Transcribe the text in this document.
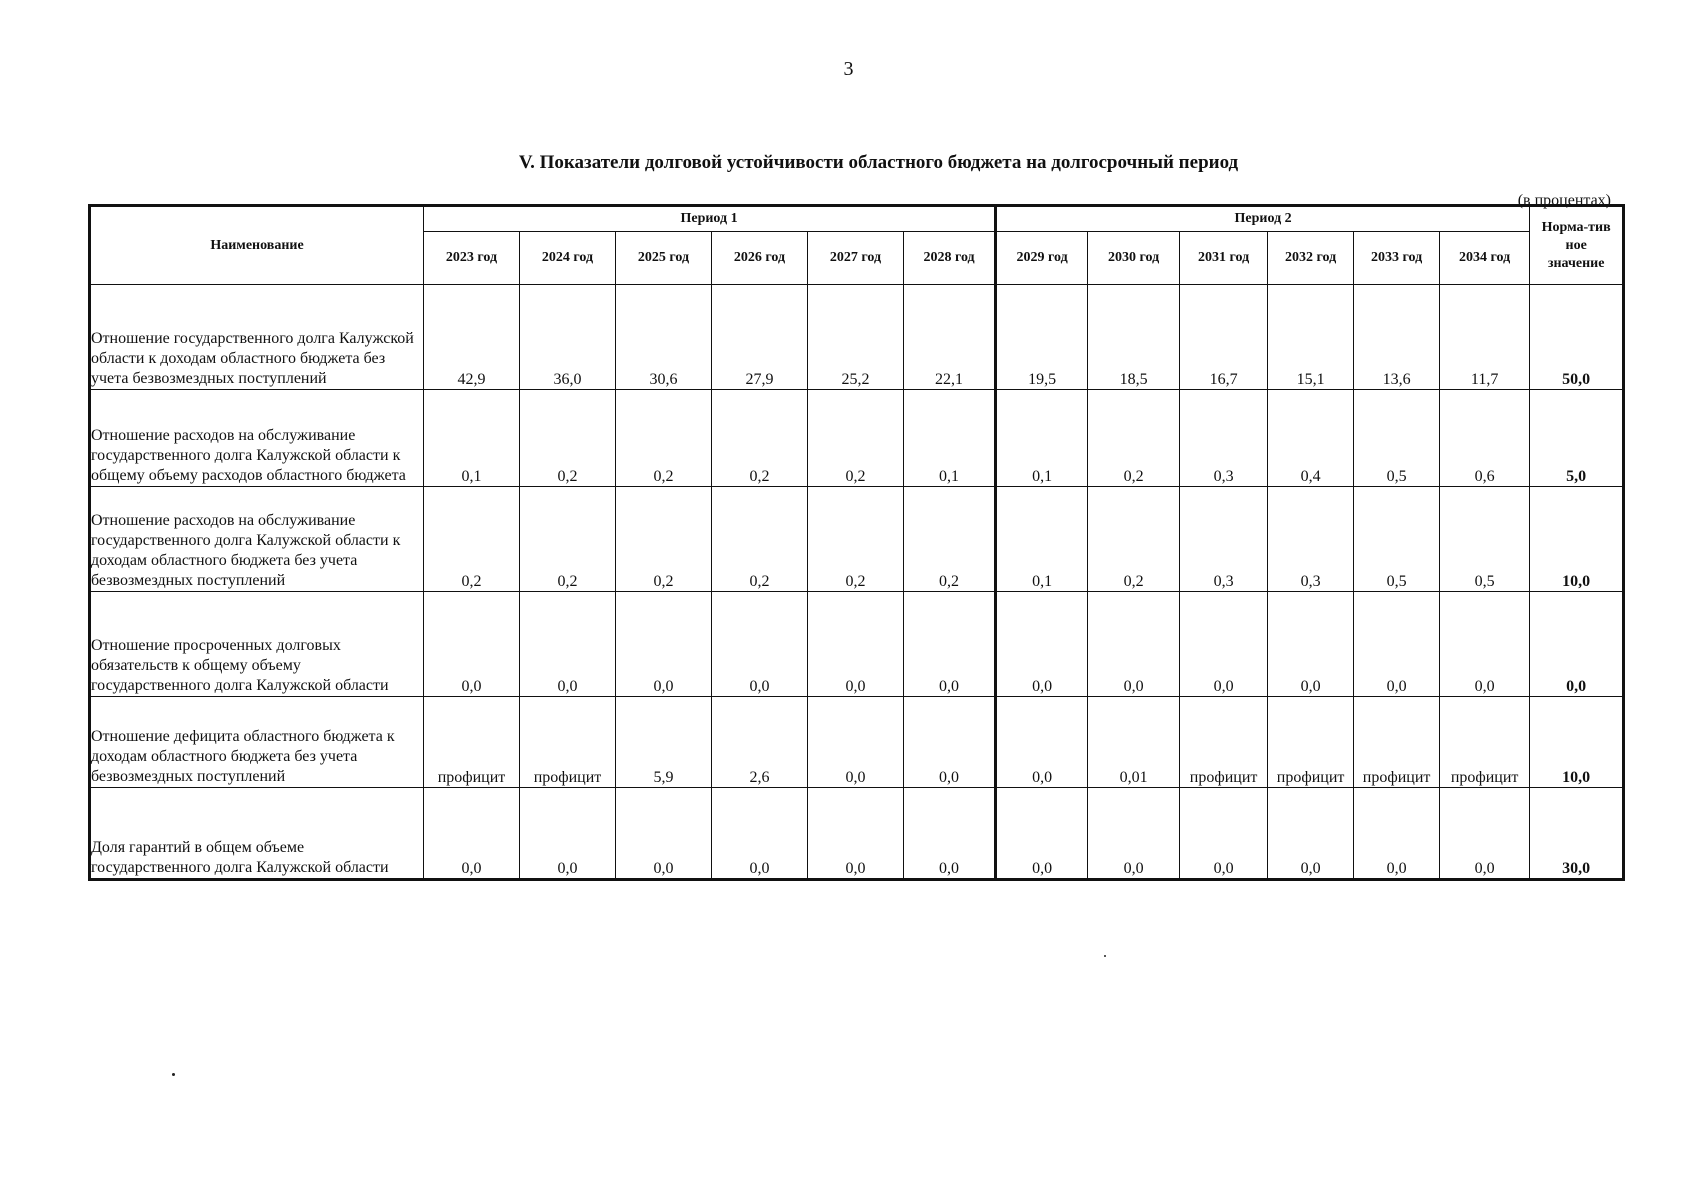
3
V. Показатели долговой устойчивости областного бюджета на долгосрочный период
(в процентах)
Наименование	Период 1						Период 2						Норма-тив
ное
значение
	2023 год	2024 год	2025 год	2026 год	2027 год	2028 год	2029 год	2030 год	2031 год	2032 год	2033 год	2034 год	
Отношение государственного долга Калужской области к доходам областного бюджета без учета безвозмездных поступлений	42,9	36,0	30,6	27,9	25,2	22,1	19,5	18,5	16,7	15,1	13,6	11,7	50,0
Отношение расходов на обслуживание государственного долга Калужской области к общему объему расходов областного бюджета	0,1	0,2	0,2	0,2	0,2	0,1	0,1	0,2	0,3	0,4	0,5	0,6	5,0
Отношение расходов на обслуживание государственного долга Калужской области к доходам областного бюджета без учета безвозмездных поступлений	0,2	0,2	0,2	0,2	0,2	0,2	0,1	0,2	0,3	0,3	0,5	0,5	10,0
Отношение просроченных долговых обязательств к общему объему государственного долга Калужской области	0,0	0,0	0,0	0,0	0,0	0,0	0,0	0,0	0,0	0,0	0,0	0,0	0,0
Отношение дефицита областного бюджета к доходам областного бюджета без учета безвозмездных поступлений	профицит	профицит	5,9	2,6	0,0	0,0	0,0	0,01	профицит	профицит	профицит	профицит	10,0
Доля гарантий в общем объеме государственного долга Калужской области	0,0	0,0	0,0	0,0	0,0	0,0	0,0	0,0	0,0	0,0	0,0	0,0	30,0
